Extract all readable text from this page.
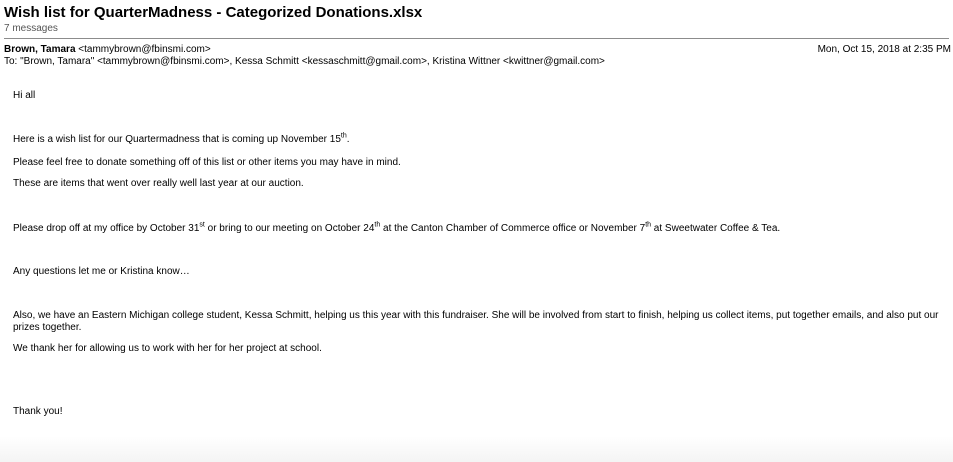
Wish list for QuarterMadness - Categorized Donations.xlsx
7 messages
Brown, Tamara <tammybrown@fbinsmi.com>	Mon, Oct 15, 2018 at 2:35 PM
To: "Brown, Tamara" <tammybrown@fbinsmi.com>, Kessa Schmitt <kessaschmitt@gmail.com>, Kristina Wittner <kwittner@gmail.com>

Hi all

Here is a wish list for our Quartermadness that is coming up November 15th.

Please feel free to donate something off of this list or other items you may have in mind.

These are items that went over really well last year at our auction.

Please drop off at my office by October 31st or bring to our meeting on October 24th at the Canton Chamber of Commerce office or November 7th at Sweetwater Coffee & Tea.

Any questions let me or Kristina know…

Also, we have an Eastern Michigan college student, Kessa Schmitt, helping us this year with this fundraiser. She will be involved from start to finish, helping us collect items, put together emails, and also put our prizes together.

We thank her for allowing us to work with her for her project at school.

Thank you!
